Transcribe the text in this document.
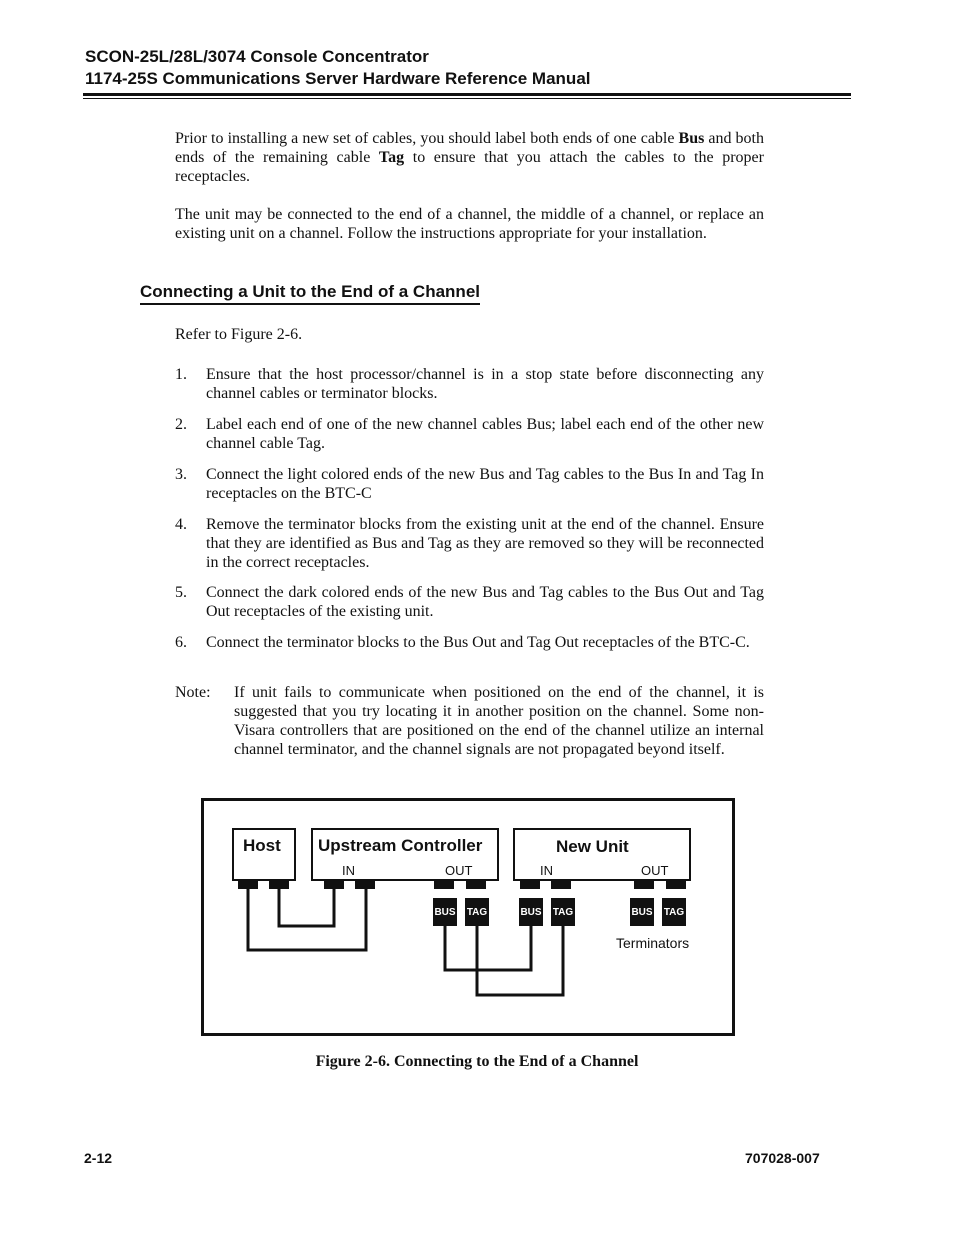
SCON-25L/28L/3074 Console Concentrator
1174-25S Communications Server Hardware Reference Manual
Prior to installing a new set of cables, you should label both ends of one cable Bus and both ends of the remaining cable Tag to ensure that you attach the cables to the proper receptacles.
The unit may be connected to the end of a channel, the middle of a channel, or replace an existing unit on a channel. Follow the instructions appropriate for your installation.
Connecting a Unit to the End of a Channel
Refer to Figure 2-6.
1.	Ensure that the host processor/channel is in a stop state before disconnecting any channel cables or terminator blocks.
2.	Label each end of one of the new channel cables Bus; label each end of the other new channel cable Tag.
3.	Connect the light colored ends of the new Bus and Tag cables to the Bus In and Tag In receptacles on the BTC-C
4.	Remove the terminator blocks from the existing unit at the end of the channel. Ensure that they are identified as Bus and Tag as they are removed so they will be reconnected in the correct receptacles.
5.	Connect the dark colored ends of the new Bus and Tag cables to the Bus Out and Tag Out receptacles of the existing unit.
6.	Connect the terminator blocks to the Bus Out and Tag Out receptacles of the BTC-C.
Note: If unit fails to communicate when positioned on the end of the channel, it is suggested that you try locating it in another position on the channel. Some non-Visara controllers that are positioned on the end of the channel utilize an internal channel terminator, and the channel signals are not propagated beyond itself.
Host Upstream Controller	New Unit
IN	OUT	IN	OUT
BUS TAG	BUS TAG	BUS TAG
Terminators
Figure 2-6. Connecting to the End of a Channel
2-12	707028-007
